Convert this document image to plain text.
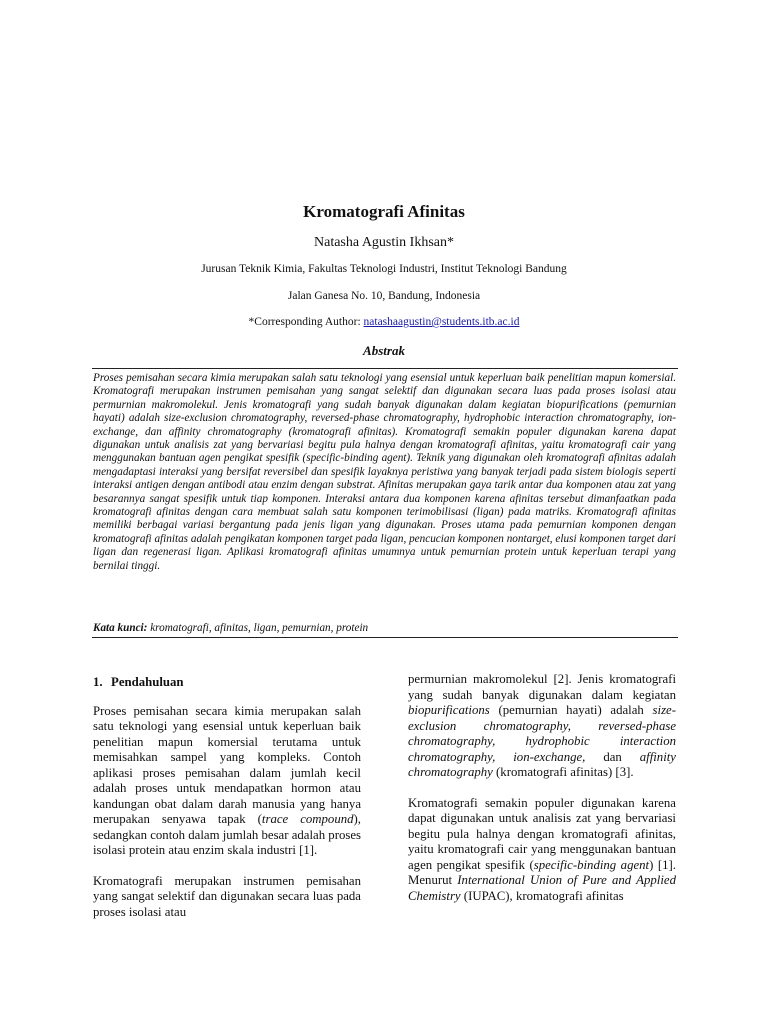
Kromatografi Afinitas

Natasha Agustin Ikhsan*

Jurusan Teknik Kimia, Fakultas Teknologi Industri, Institut Teknologi Bandung

Jalan Ganesa No. 10, Bandung, Indonesia

*Corresponding Author: natashaagustin@students.itb.ac.id

Abstrak

Proses pemisahan secara kimia merupakan salah satu teknologi yang esensial untuk keperluan baik penelitian mapun komersial. Kromatografi merupakan instrumen pemisahan yang sangat selektif dan digunakan secara luas pada proses isolasi atau permurnian makromolekul. Jenis kromatografi yang sudah banyak digunakan dalam kegiatan biopurifications (pemurnian hayati) adalah size-exclusion chromatography, reversed-phase chromatography, hydrophobic interaction chromatography, ion-exchange, dan affinity chromatography (kromatografi afinitas). Kromatografi semakin populer digunakan karena dapat digunakan untuk analisis zat yang bervariasi begitu pula halnya dengan kromatografi afinitas, yaitu kromatografi cair yang menggunakan bantuan agen pengikat spesifik (specific-binding agent). Teknik yang digunakan oleh kromatografi afinitas adalah mengadaptasi interaksi yang bersifat reversibel dan spesifik layaknya peristiwa yang banyak terjadi pada sistem biologis seperti interaksi antigen dengan antibodi atau enzim dengan substrat. Afinitas merupakan gaya tarik antar dua komponen atau zat yang besarannya sangat spesifik untuk tiap komponen. Interaksi antara dua komponen karena afinitas tersebut dimanfaatkan pada kromatografi afinitas dengan cara membuat salah satu komponen terimobilisasi (ligan) pada matriks. Kromatografi afinitas memiliki berbagai variasi bergantung pada jenis ligan yang digunakan. Proses utama pada pemurnian komponen dengan kromatografi afinitas adalah pengikatan komponen target pada ligan, pencucian komponen nontarget, elusi komponen target dari ligan dan regenerasi ligan. Aplikasi kromatografi afinitas umumnya untuk pemurnian protein untuk keperluan terapi yang bernilai tinggi.

Kata kunci: kromatografi, afinitas, ligan, pemurnian, protein

1. Pendahuluan

Proses pemisahan secara kimia merupakan salah satu teknologi yang esensial untuk keperluan baik penelitian mapun komersial terutama untuk memisahkan sampel yang kompleks. Contoh aplikasi proses pemisahan dalam jumlah kecil adalah proses untuk mendapatkan hormon atau kandungan obat dalam darah manusia yang hanya merupakan senyawa tapak (trace compound), sedangkan contoh dalam jumlah besar adalah proses isolasi protein atau enzim skala industri [1].

Kromatografi merupakan instrumen pemisahan yang sangat selektif dan digunakan secara luas pada proses isolasi atau

permurnian makromolekul [2]. Jenis kromatografi yang sudah banyak digunakan dalam kegiatan biopurifications (pemurnian hayati) adalah size-exclusion chromatography, reversed-phase chromatography, hydrophobic interaction chromatography, ion-exchange, dan affinity chromatography (kromatografi afinitas) [3].

Kromatografi semakin populer digunakan karena dapat digunakan untuk analisis zat yang bervariasi begitu pula halnya dengan kromatografi afinitas, yaitu kromatografi cair yang menggunakan bantuan agen pengikat spesifik (specific-binding agent) [1]. Menurut International Union of Pure and Applied Chemistry (IUPAC), kromatografi afinitas
